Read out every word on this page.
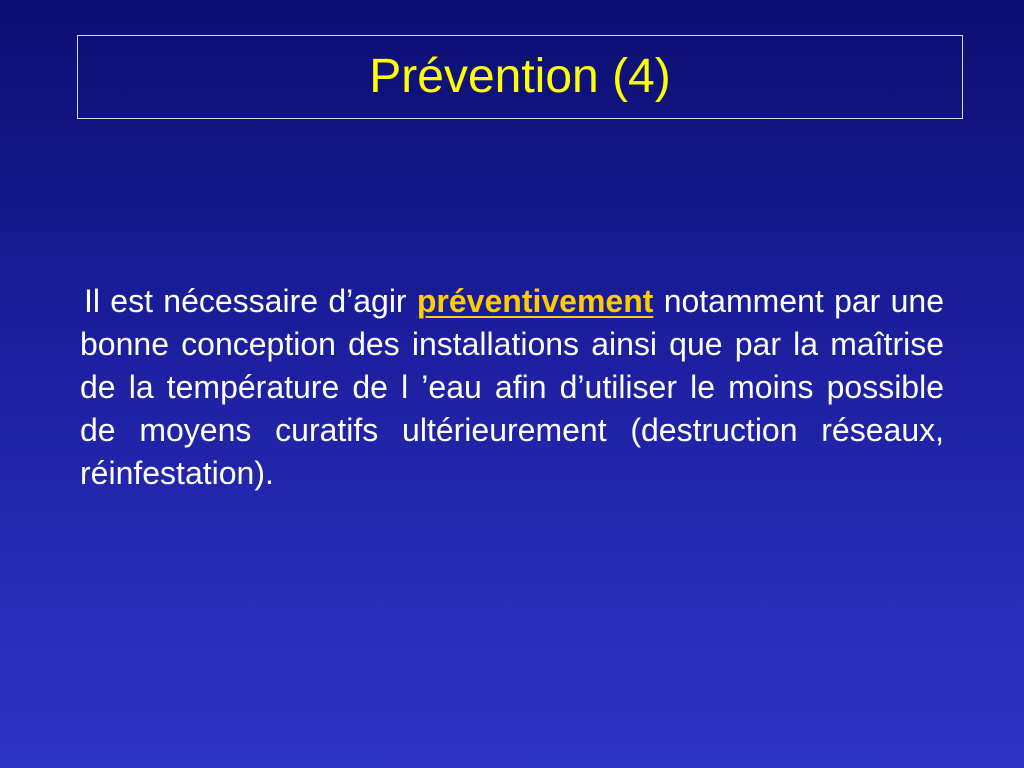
Prévention (4)

Il est nécessaire d’agir préventivement notamment par une bonne conception des installations ainsi que par la maîtrise de la température de l ’eau afin d’utiliser le moins possible de moyens curatifs ultérieurement (destruction réseaux, réinfestation).
